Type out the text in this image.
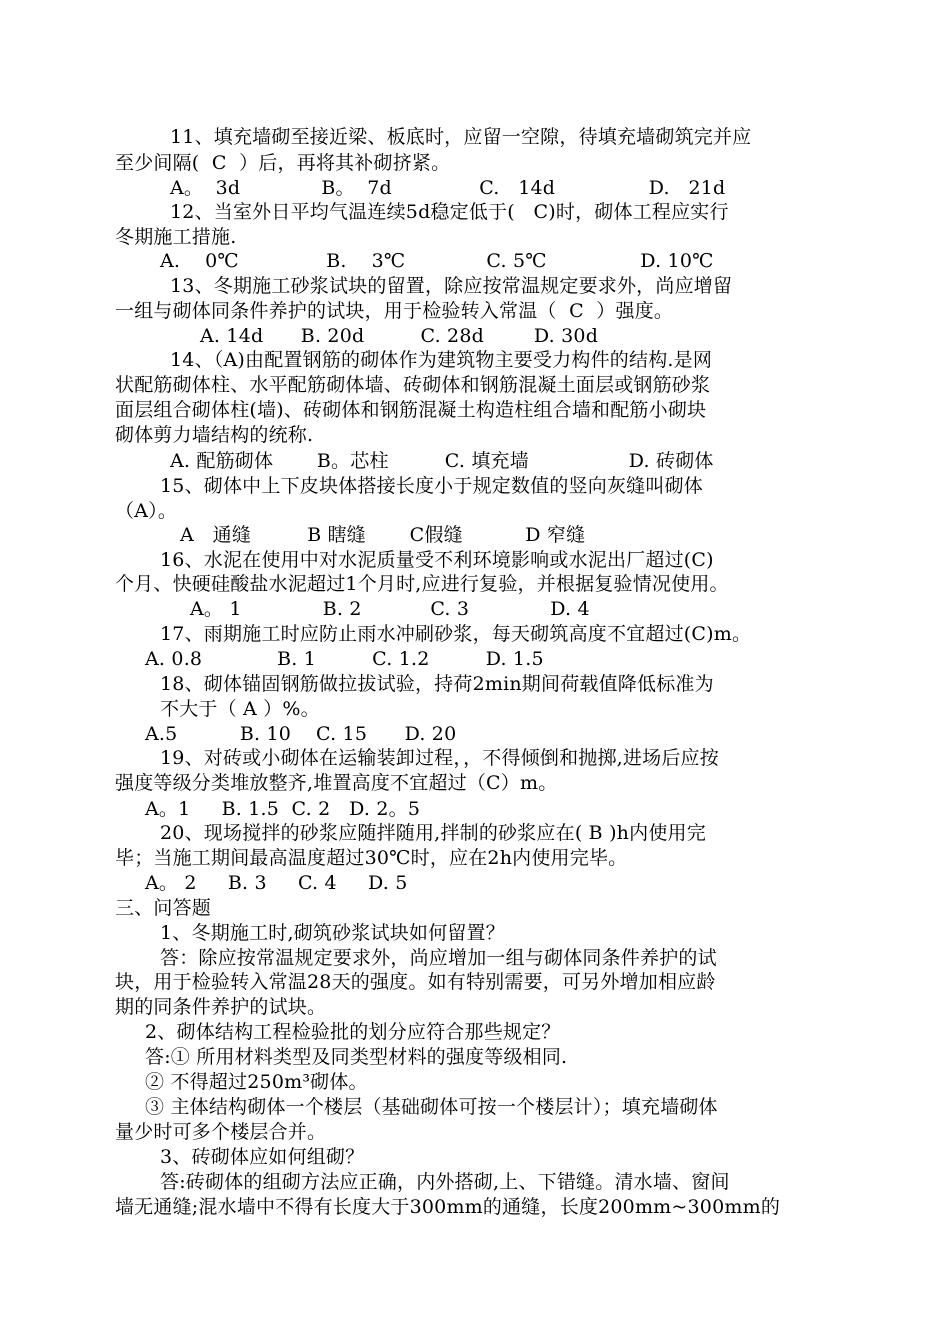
11、填充墙砌至接近梁、板底时，应留一空隙，待填充墙砌筑完并应
至少间隔(  C  ）后，再将其补砌挤紧。
A。  3d             B。  7d              C.   14d               D.   21d
12、当室外日平均气温连续5d稳定低于(   C)时，砌体工程应实行
冬期施工措施.
A.    0℃              B.    3℃             C. 5℃               D. 10℃
13、冬期施工砂浆试块的留置，除应按常温规定要求外，尚应增留
一组与砌体同条件养护的试块，用于检验转入常温（  C  ）强度。
A. 14d      B. 20d         C. 28d        D. 30d
14、（A)由配置钢筋的砌体作为建筑物主要受力构件的结构.是网
状配筋砌体柱、水平配筋砌体墙、砖砌体和钢筋混凝土面层或钢筋砂浆
面层组合砌体柱(墙)、砖砌体和钢筋混凝土构造柱组合墙和配筋小砌块
砌体剪力墙结构的统称.
A. 配筋砌体       B。芯柱         C. 填充墙                D. 砖砌体
15、砌体中上下皮块体搭接长度小于规定数值的竖向灰缝叫砌体
（A）。
A   通缝         B 瞎缝       C假缝          D 窄缝
16、水泥在使用中对水泥质量受不利环境影响或水泥出厂超过(C)
个月、快硬硅酸盐水泥超过1个月时,应进行复验，并根据复验情况使用。
A。 1             B. 2           C. 3             D. 4
17、雨期施工时应防止雨水冲刷砂浆，每天砌筑高度不宜超过(C)m。
A. 0.8            B. 1         C. 1.2         D. 1.5
18、砌体锚固钢筋做拉拔试验，持荷2min期间荷载值降低标准为
不大于（ A ）%。
A.5          B. 10    C. 15      D. 20
19、对砖或小砌体在运输装卸过程，，不得倾倒和抛掷,进场后应按
强度等级分类堆放整齐,堆置高度不宜超过（C）m。
A。1     B. 1.5  C. 2   D. 2。5
20、现场搅拌的砂浆应随拌随用,拌制的砂浆应在( B )h内使用完
毕；当施工期间最高温度超过30℃时，应在2h内使用完毕。
A。 2     B. 3     C. 4     D. 5
三、问答题
1、冬期施工时,砌筑砂浆试块如何留置？
答：除应按常温规定要求外，尚应增加一组与砌体同条件养护的试
块，用于检验转入常温28天的强度。如有特别需要，可另外增加相应龄
期的同条件养护的试块。
2、砌体结构工程检验批的划分应符合那些规定？
答:① 所用材料类型及同类型材料的强度等级相同.
② 不得超过250m³砌体。
③ 主体结构砌体一个楼层（基础砌体可按一个楼层计）；填充墙砌体
量少时可多个楼层合并。
3、砖砌体应如何组砌？
答:砖砌体的组砌方法应正确，内外搭砌,上、下错缝。清水墙、窗间
墙无通缝;混水墙中不得有长度大于300mm的通缝，长度200mm~300mm的
